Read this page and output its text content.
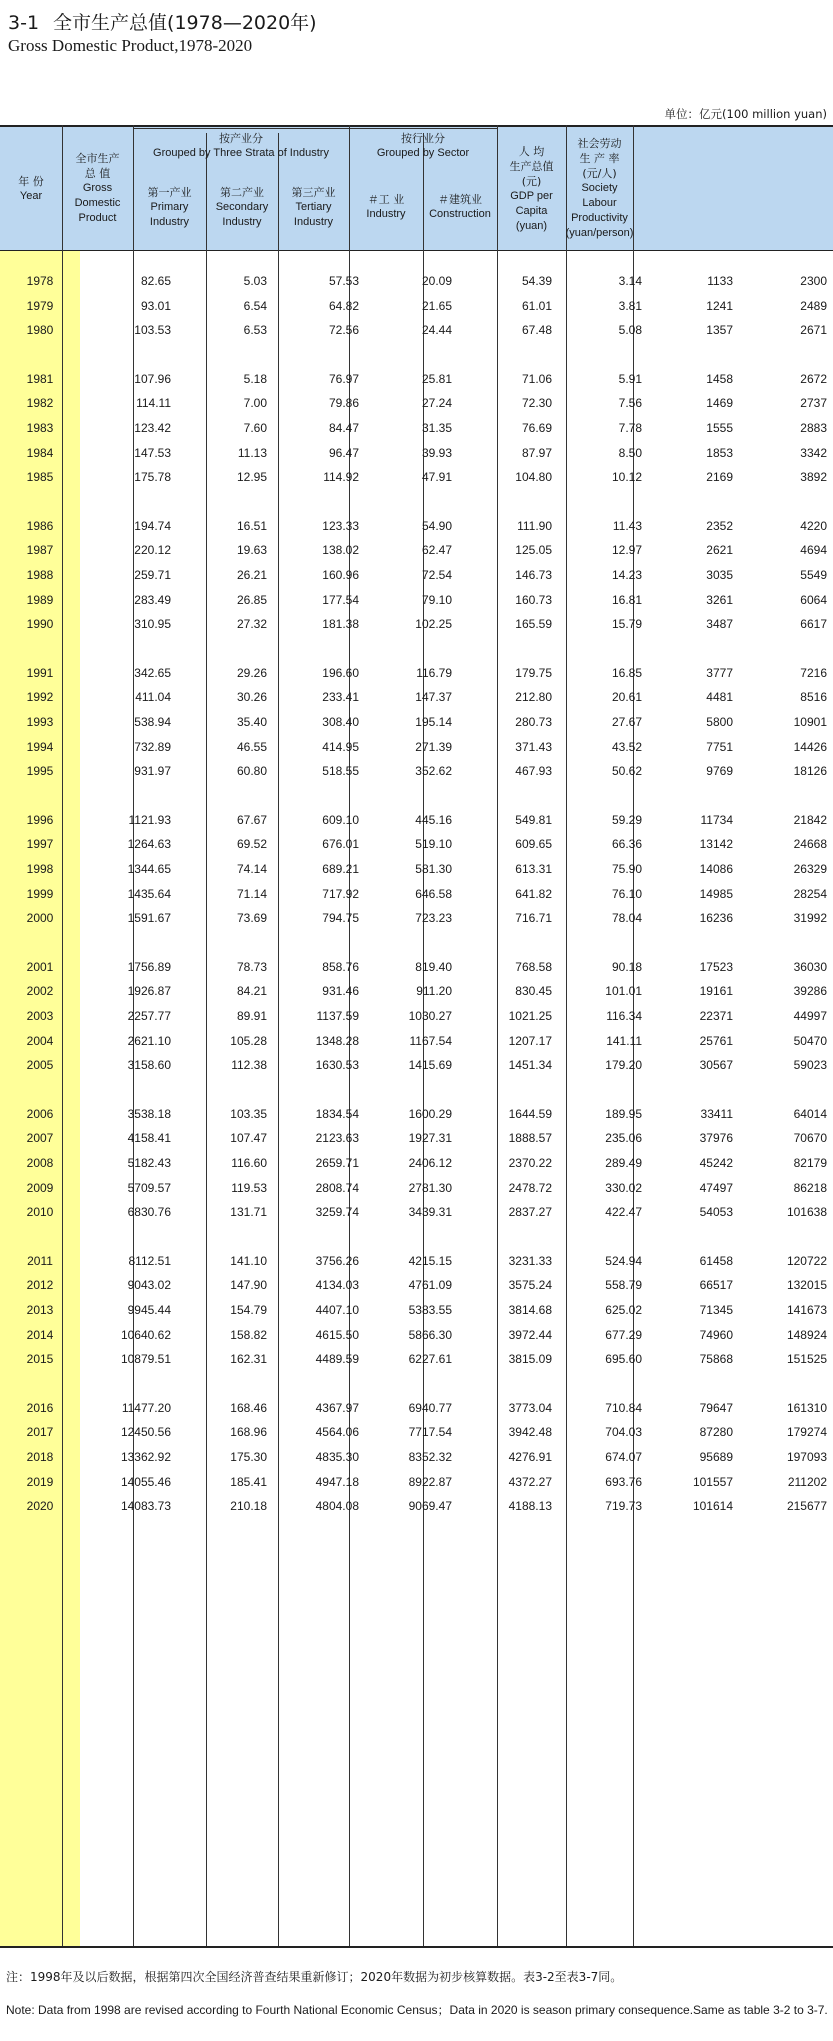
3-1 全市生产总值(1978—2020年)
Gross Domestic Product,1978-2020
单位：亿元(100 million yuan)
年 份
Year
全市生产
总 值
Gross
Domestic
Product
按产业分
Grouped by Three Strata of Industry
第一产业
Primary
Industry
第二产业
Secondary
Industry
第三产业
Tertiary
Industry
按行业分
Grouped by Sector
＃工 业
Industry
＃建筑业
Construction
人 均
生产总值
(元)
GDP per
Capita
(yuan)
社会劳动
生 产 率
(元/人)
Society Labour
Productivity
(yuan/person)
1978	82.65	5.03	57.53	20.09	54.39	3.14	1133	2300
1979	93.01	6.54	64.82	21.65	61.01	3.81	1241	2489
1980	103.53	6.53	72.56	24.44	67.48	5.08	1357	2671
1981	107.96	5.18	76.97	25.81	71.06	5.91	1458	2672
1982	114.11	7.00	79.86	27.24	72.30	7.56	1469	2737
1983	123.42	7.60	84.47	31.35	76.69	7.78	1555	2883
1984	147.53	11.13	96.47	39.93	87.97	8.50	1853	3342
1985	175.78	12.95	114.92	47.91	104.80	10.12	2169	3892
1986	194.74	16.51	123.33	54.90	111.90	11.43	2352	4220
1987	220.12	19.63	138.02	62.47	125.05	12.97	2621	4694
1988	259.71	26.21	160.96	72.54	146.73	14.23	3035	5549
1989	283.49	26.85	177.54	79.10	160.73	16.81	3261	6064
1990	310.95	27.32	181.38	102.25	165.59	15.79	3487	6617
1991	342.65	29.26	196.60	116.79	179.75	16.85	3777	7216
1992	411.04	30.26	233.41	147.37	212.80	20.61	4481	8516
1993	538.94	35.40	308.40	195.14	280.73	27.67	5800	10901
1994	732.89	46.55	414.95	271.39	371.43	43.52	7751	14426
1995	931.97	60.80	518.55	352.62	467.93	50.62	9769	18126
1996	1121.93	67.67	609.10	445.16	549.81	59.29	11734	21842
1997	1264.63	69.52	676.01	519.10	609.65	66.36	13142	24668
1998	1344.65	74.14	689.21	581.30	613.31	75.90	14086	26329
1999	1435.64	71.14	717.92	646.58	641.82	76.10	14985	28254
2000	1591.67	73.69	794.75	723.23	716.71	78.04	16236	31992
2001	1756.89	78.73	858.76	819.40	768.58	90.18	17523	36030
2002	1926.87	84.21	931.46	911.20	830.45	101.01	19161	39286
2003	2257.77	89.91	1137.59	1030.27	1021.25	116.34	22371	44997
2004	2621.10	105.28	1348.28	1167.54	1207.17	141.11	25761	50470
2005	3158.60	112.38	1630.53	1415.69	1451.34	179.20	30567	59023
2006	3538.18	103.35	1834.54	1600.29	1644.59	189.95	33411	64014
2007	4158.41	107.47	2123.63	1927.31	1888.57	235.06	37976	70670
2008	5182.43	116.60	2659.71	2406.12	2370.22	289.49	45242	82179
2009	5709.57	119.53	2808.74	2781.30	2478.72	330.02	47497	86218
2010	6830.76	131.71	3259.74	3439.31	2837.27	422.47	54053	101638
2011	8112.51	141.10	3756.26	4215.15	3231.33	524.94	61458	120722
2012	9043.02	147.90	4134.03	4761.09	3575.24	558.79	66517	132015
2013	9945.44	154.79	4407.10	5383.55	3814.68	625.02	71345	141673
2014	10640.62	158.82	4615.50	5866.30	3972.44	677.29	74960	148924
2015	10879.51	162.31	4489.59	6227.61	3815.09	695.60	75868	151525
2016	11477.20	168.46	4367.97	6940.77	3773.04	710.84	79647	161310
2017	12450.56	168.96	4564.06	7717.54	3942.48	704.03	87280	179274
2018	13362.92	175.30	4835.30	8352.32	4276.91	674.07	95689	197093
2019	14055.46	185.41	4947.18	8922.87	4372.27	693.76	101557	211202
2020	14083.73	210.18	4804.08	9069.47	4188.13	719.73	101614	215677
注：1998年及以后数据，根据第四次全国经济普查结果重新修订；2020年数据为初步核算数据。表3-2至表3-7同。
Note: Data from 1998 are revised according to Fourth National Economic Census；Data in 2020 is season primary consequence.Same as table 3-2 to 3-7.
